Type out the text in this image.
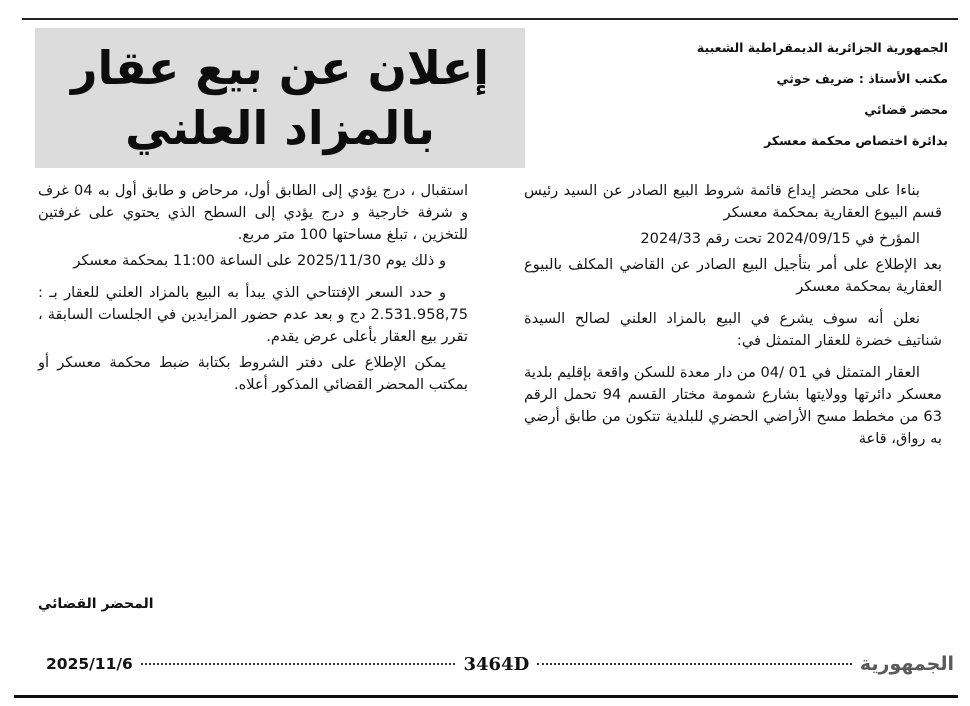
الجمهورية الجزائرية الديمقراطية الشعبية
مكتب الأستاذ : ضريف خوثي
محضر قضائي
بدائرة اختصاص محكمة معسكر
إعلان عن بيع عقار
بالمزاد العلني

بناءا على محضر إيداع قائمة شروط البيع الصادر عن السيد رئيس قسم البيوع العقارية بمحكمة معسكر

المؤرخ في 2024/09/15 تحت رقم 2024/33

بعد الإطلاع على أمر بتأجيل البيع الصادر عن القاضي المكلف بالبيوع العقارية بمحكمة معسكر

نعلن أنه سوف يشرع في البيع بالمزاد العلني لصالح السيدة شناتيف خضرة للعقار المتمثل في:

العقار المتمثل في 01 /04 من دار معدة للسكن واقعة بإقليم بلدية معسكر دائرتها وولايتها بشارع شمومة مختار القسم 94 تحمل الرقم 63 من مخطط مسح الأراضي الحضري للبلدية تتكون من طابق أرضي به رواق، قاعة

استقبال ، درج يؤدي إلى الطابق أول، مرحاض و طابق أول به 04 غرف و شرفة خارجية و درج يؤدي إلى السطح الذي يحتوي على غرفتين للتخزين ، تبلغ مساحتها 100 متر مربع.

و ذلك يوم 2025/11/30 على الساعة 11:00 بمحكمة معسكر

و حدد السعر الإفتتاحي الذي يبدأ به البيع بالمزاد العلني للعقار بـ : 2.531.958,75 دج و بعد عدم حضور المزايدين في الجلسات السابقة ، تقرر بيع العقار بأعلى عرض يقدم.

يمكن الإطلاع على دفتر الشروط بكتابة ضبط محكمة معسكر أو بمكتب المحضر القضائي المذكور أعلاه.

المحضر القضائي
2025/11/6	3464D	الجمهورية
